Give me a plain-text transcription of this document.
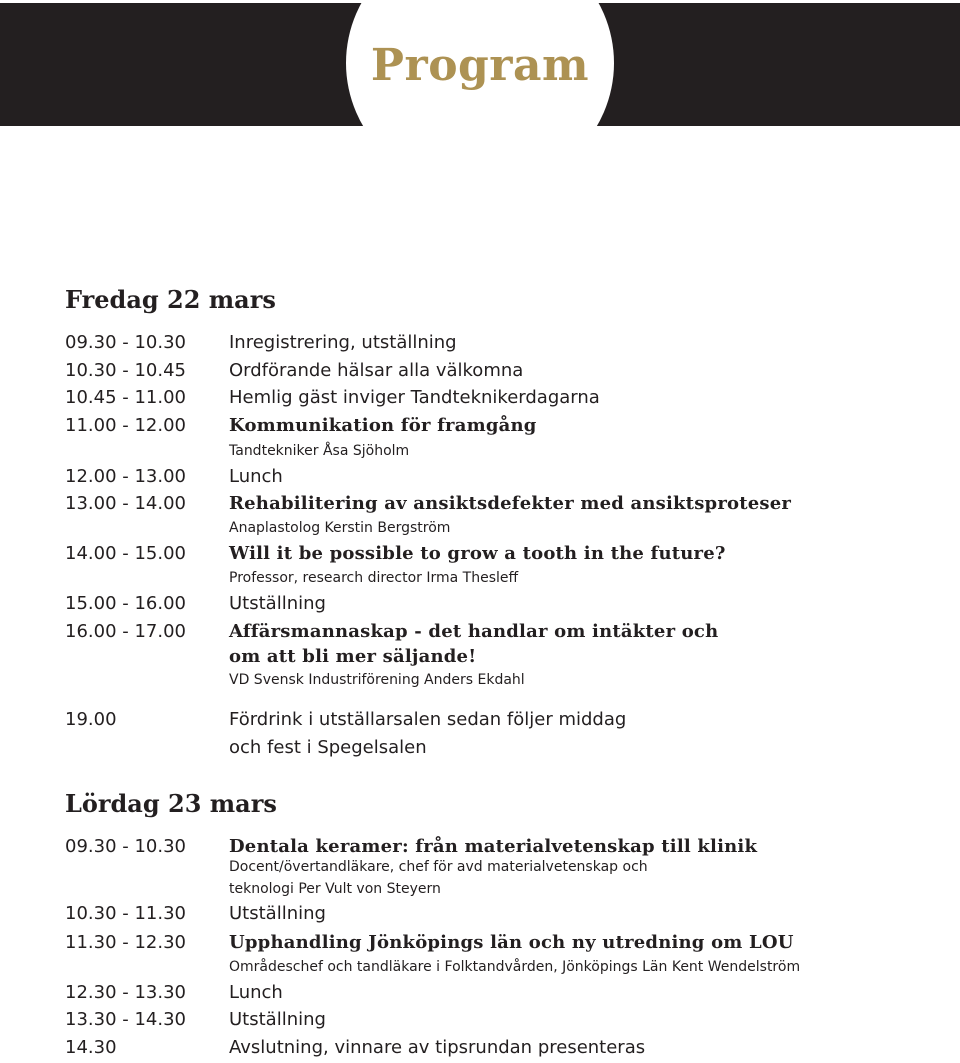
Program
Fredag 22 mars
09.30 - 10.30 Inregistrering, utställning
10.30 - 10.45 Ordförande hälsar alla välkomna
10.45 - 11.00 Hemlig gäst inviger Tandteknikerdagarna
11.00 - 12.00 Kommunikation för framgång
Tandtekniker Åsa Sjöholm
12.00 - 13.00 Lunch
13.00 - 14.00 Rehabilitering av ansiktsdefekter med ansiktsproteser
Anaplastolog Kerstin Bergström
14.00 - 15.00 Will it be possible to grow a tooth in the future?
Professor, research director Irma Thesleff
15.00 - 16.00 Utställning
16.00 - 17.00 Affärsmannaskap - det handlar om intäkter och
om att bli mer säljande!
VD Svensk Industriförening Anders Ekdahl
19.00	Fördrink i utställarsalen sedan följer middag
och fest i Spegelsalen
Lördag 23 mars
09.30 - 10.30 Dentala keramer: från materialvetenskap till klinik
Docent/övertandläkare, chef för avd materialvetenskap och
teknologi Per Vult von Steyern
10.30 - 11.30 Utställning
11.30 - 12.30 Upphandling Jönköpings län och ny utredning om LOU
Områdeschef och tandläkare i Folktandvården, Jönköpings Län Kent Wendelström
12.30 - 13.30 Lunch
13.30 - 14.30 Utställning
14.30	Avslutning, vinnare av tipsrundan presenteras
